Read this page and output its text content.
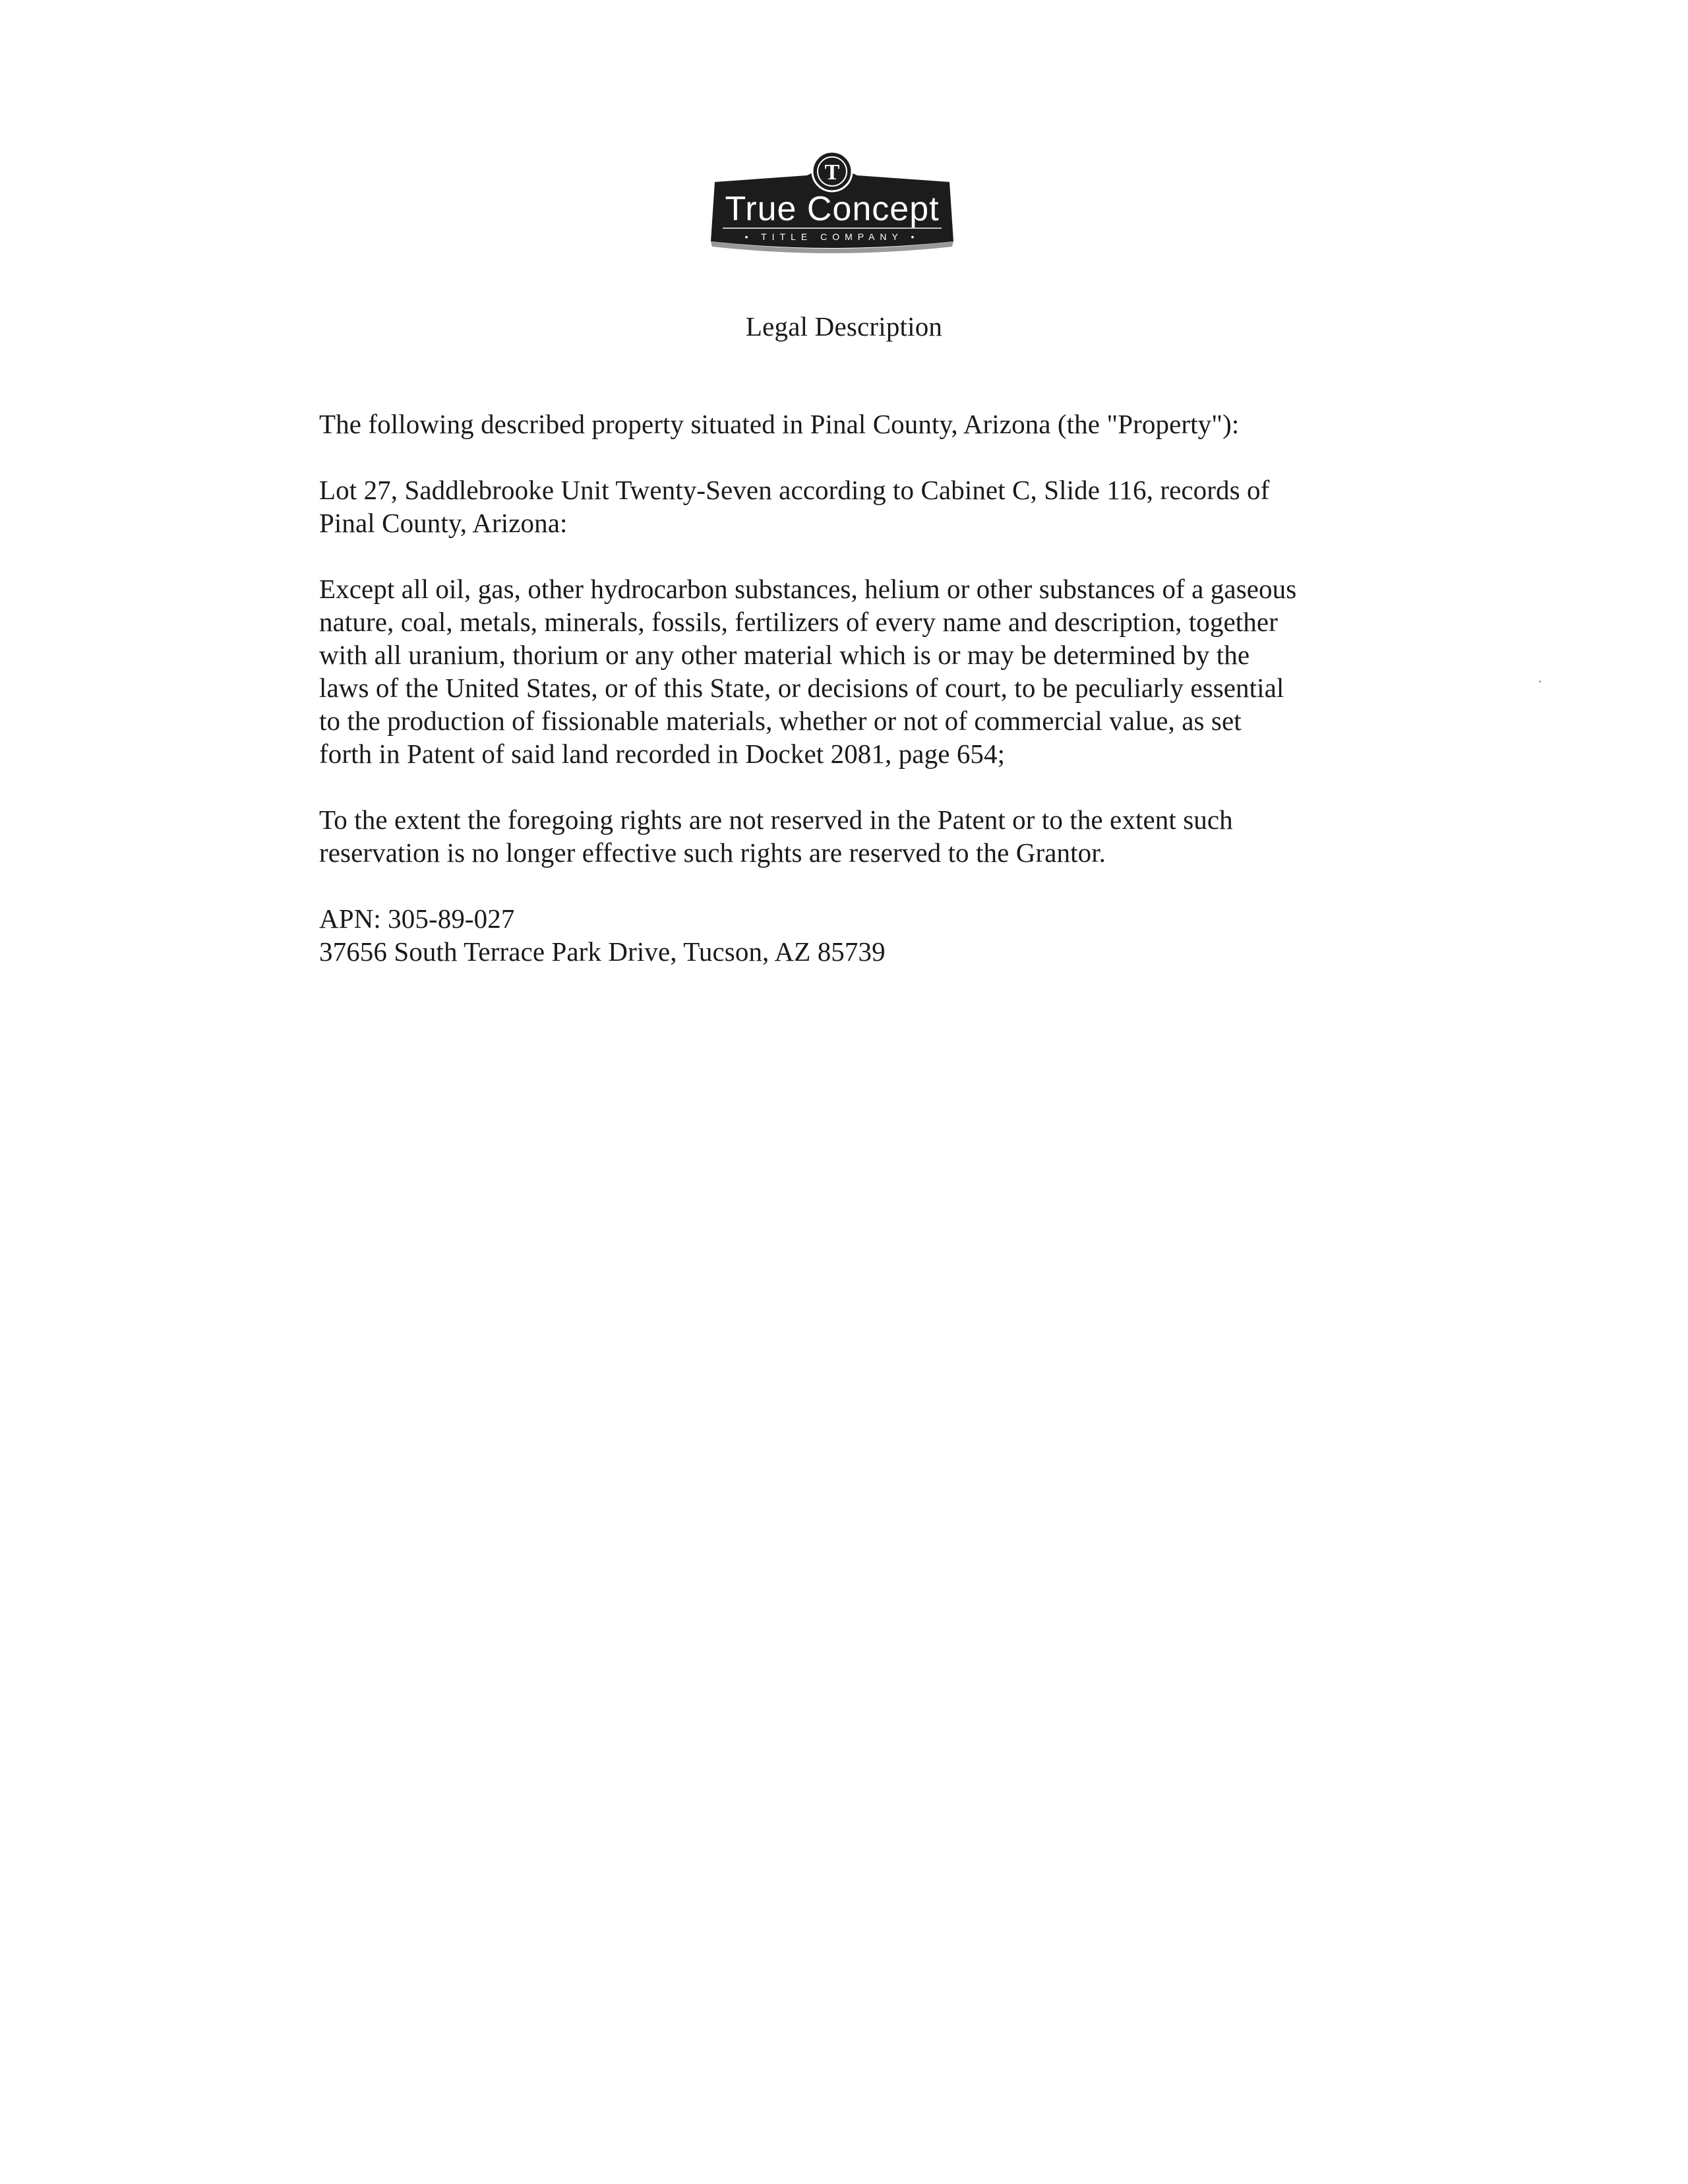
T
True Concept
• TITLE COMPANY •
Legal Description
The following described property situated in Pinal County, Arizona (the "Property"):
Lot 27, Saddlebrooke Unit Twenty-Seven according to Cabinet C, Slide 116, records of
Pinal County, Arizona:
Except all oil, gas, other hydrocarbon substances, helium or other substances of a gaseous
nature, coal, metals, minerals, fossils, fertilizers of every name and description, together
with all uranium, thorium or any other material which is or may be determined by the
laws of the United States, or of this State, or decisions of court, to be peculiarly essential
to the production of fissionable materials, whether or not of commercial value, as set
forth in Patent of said land recorded in Docket 2081, page 654;
To the extent the foregoing rights are not reserved in the Patent or to the extent such
reservation is no longer effective such rights are reserved to the Grantor.
APN: 305-89-027
37656 South Terrace Park Drive, Tucson, AZ 85739
